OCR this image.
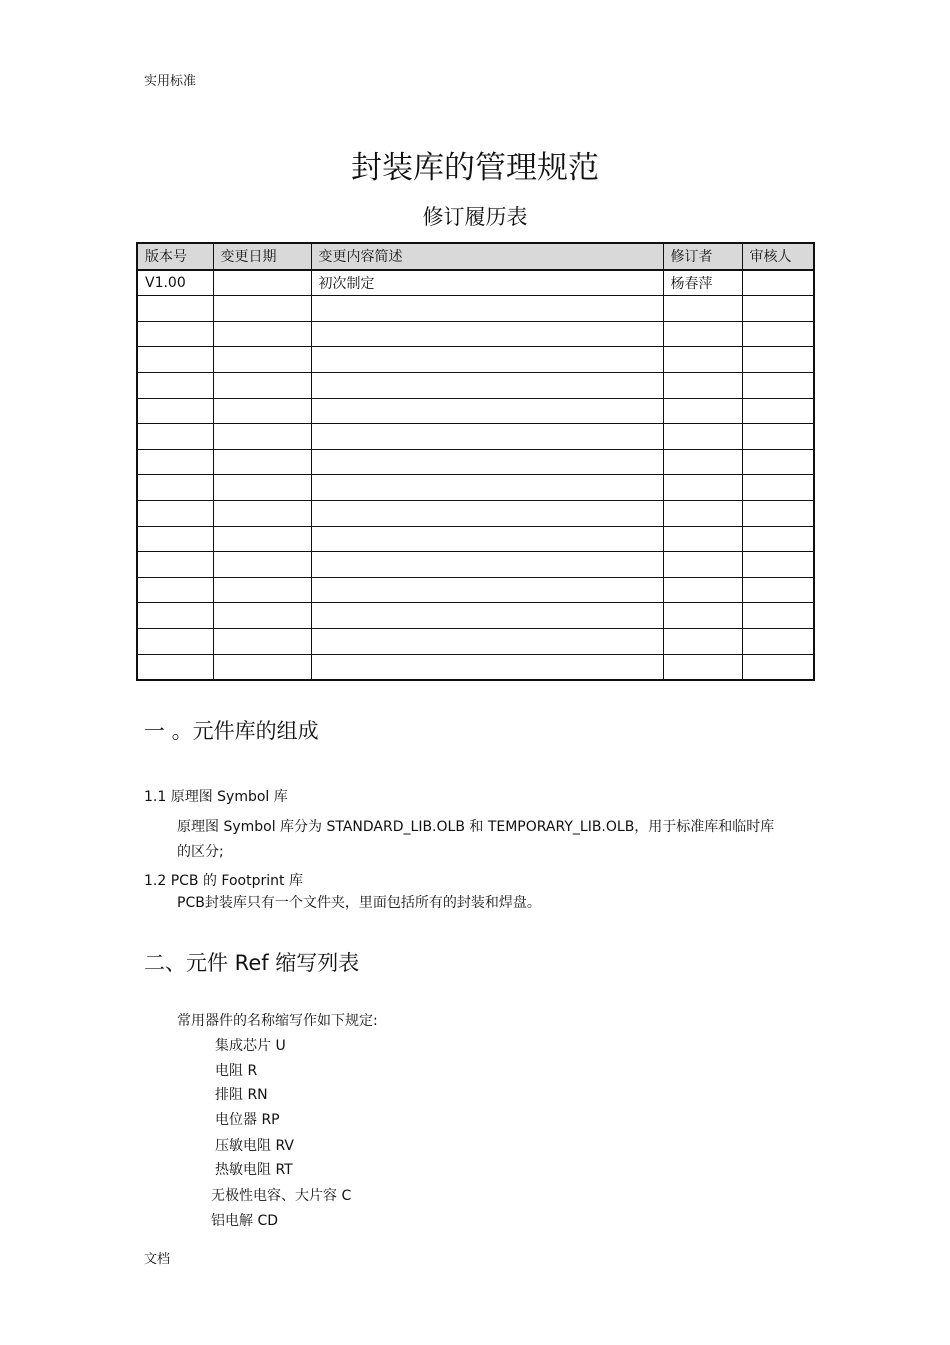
实用标准
封装库的管理规范
修订履历表
版本号	变更日期	变更内容简述	修订者	审核人
V1.00		初次制定	杨春萍	

一 。元件库的组成
1.1 原理图 Symbol 库
原理图 Symbol 库分为 STANDARD_LIB.OLB 和 TEMPORARY_LIB.OLB，用于标准库和临时库
的区分;
1.2 PCB 的 Footprint 库
PCB封装库只有一个文件夹，里面包括所有的封装和焊盘。
二、元件 Ref 缩写列表
常用器件的名称缩写作如下规定:
集成芯片 U
电阻 R
排阻 RN
电位器 RP
压敏电阻 RV
热敏电阻 RT
无极性电容、大片容 C
铝电解 CD
文档
